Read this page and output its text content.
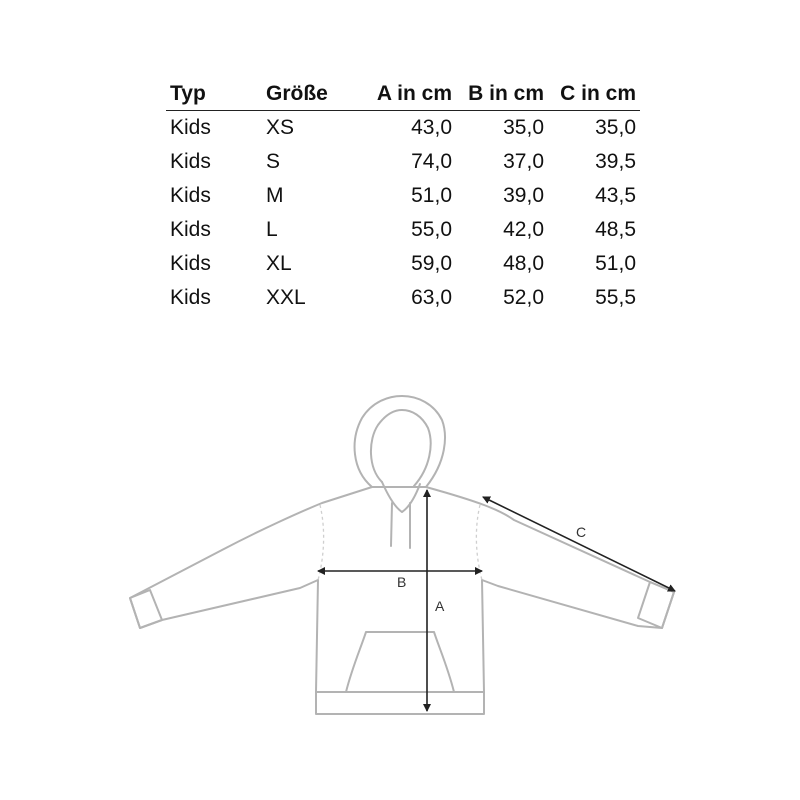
Typ	Größe	A in cm	B in cm	C in cm
Kids	XS	43,0	35,0	35,0
Kids	S	74,0	37,0	39,5
Kids	M	51,0	39,0	43,5
Kids	L	55,0	42,0	48,5
Kids	XL	59,0	48,0	51,0
Kids	XXL	63,0	52,0	55,5
A
B
C
